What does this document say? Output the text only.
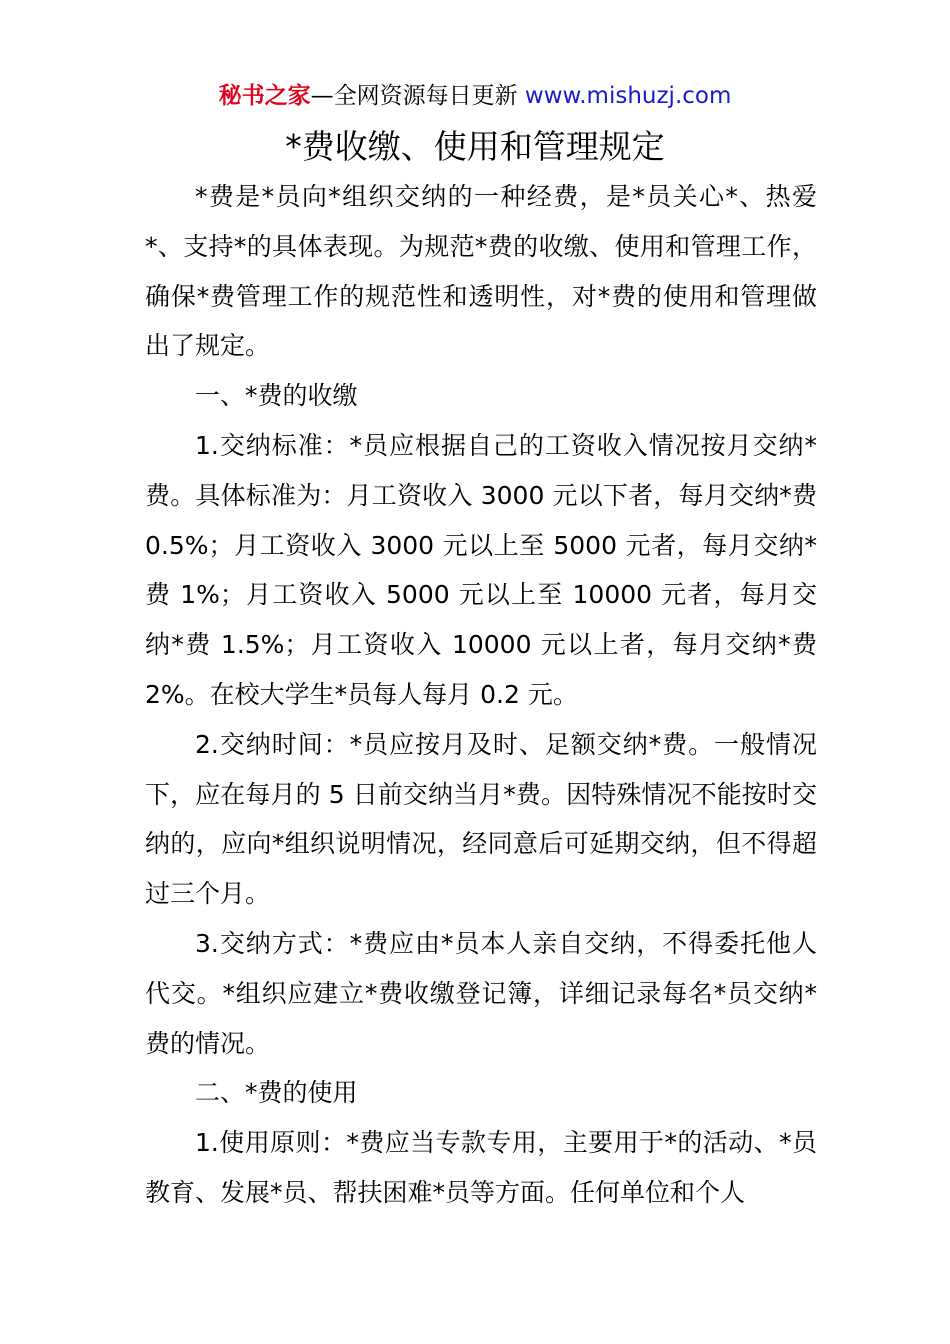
秘书之家—全网资源每日更新 www.mishuzj.com
*费收缴、使用和管理规定

*费是*员向*组织交纳的一种经费，是*员关心*、热爱*、支持*的具体表现。为规范*费的收缴、使用和管理工作，确保*费管理工作的规范性和透明性，对*费的使用和管理做出了规定。

一、*费的收缴

1.交纳标准：*员应根据自己的工资收入情况按月交纳*费。具体标准为：月工资收入 3000 元以下者，每月交纳*费 0.5%；月工资收入 3000 元以上至 5000 元者，每月交纳*费 1%；月工资收入 5000 元以上至 10000 元者，每月交纳*费 1.5%；月工资收入 10000 元以上者，每月交纳*费 2%。在校大学生*员每人每月 0.2 元。

2.交纳时间：*员应按月及时、足额交纳*费。一般情况下，应在每月的 5 日前交纳当月*费。因特殊情况不能按时交纳的，应向*组织说明情况，经同意后可延期交纳，但不得超过三个月。

3.交纳方式：*费应由*员本人亲自交纳，不得委托他人代交。*组织应建立*费收缴登记簿，详细记录每名*员交纳*费的情况。

二、*费的使用

1.使用原则：*费应当专款专用，主要用于*的活动、*员教育、发展*员、帮扶困难*员等方面。任何单位和个人
